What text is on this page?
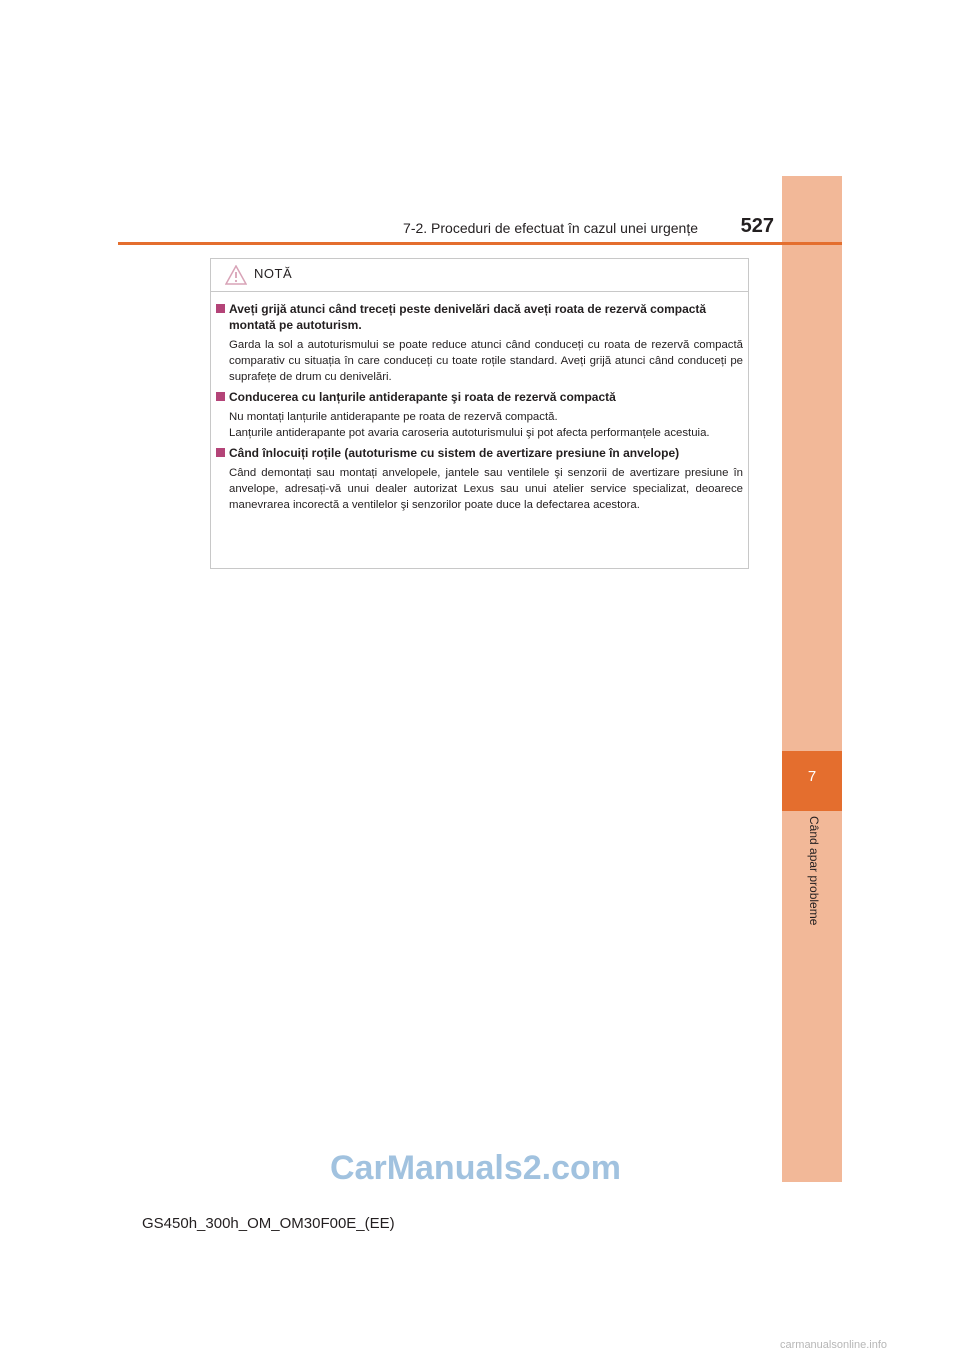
7
Când apar probleme
7-2. Proceduri de efectuat în cazul unei urgențe	527
NOTĂ
Aveți grijă atunci când treceți peste denivelări dacă aveți roata de rezervă compactă montată pe autoturism.

Garda la sol a autoturismului se poate reduce atunci când conduceți cu roata de rezervă compactă comparativ cu situația în care conduceți cu toate roțile standard. Aveți grijă atunci când conduceți pe suprafețe de drum cu denivelări.

Conducerea cu lanțurile antiderapante şi roata de rezervă compactă

Nu montați lanțurile antiderapante pe roata de rezervă compactă.

Lanțurile antiderapante pot avaria caroseria autoturismului şi pot afecta performanțele acestuia.

Când înlocuiți roțile (autoturisme cu sistem de avertizare presiune în anvelope)

Când demontați sau montați anvelopele, jantele sau ventilele şi senzorii de avertizare presiune în anvelope, adresați-vă unui dealer autorizat Lexus sau unui atelier service specializat, deoarece manevrarea incorectă a ventilelor şi senzorilor poate duce la defectarea acestora.

CarManuals2.com
GS450h_300h_OM_OM30F00E_(EE)
carmanualsonline.info
